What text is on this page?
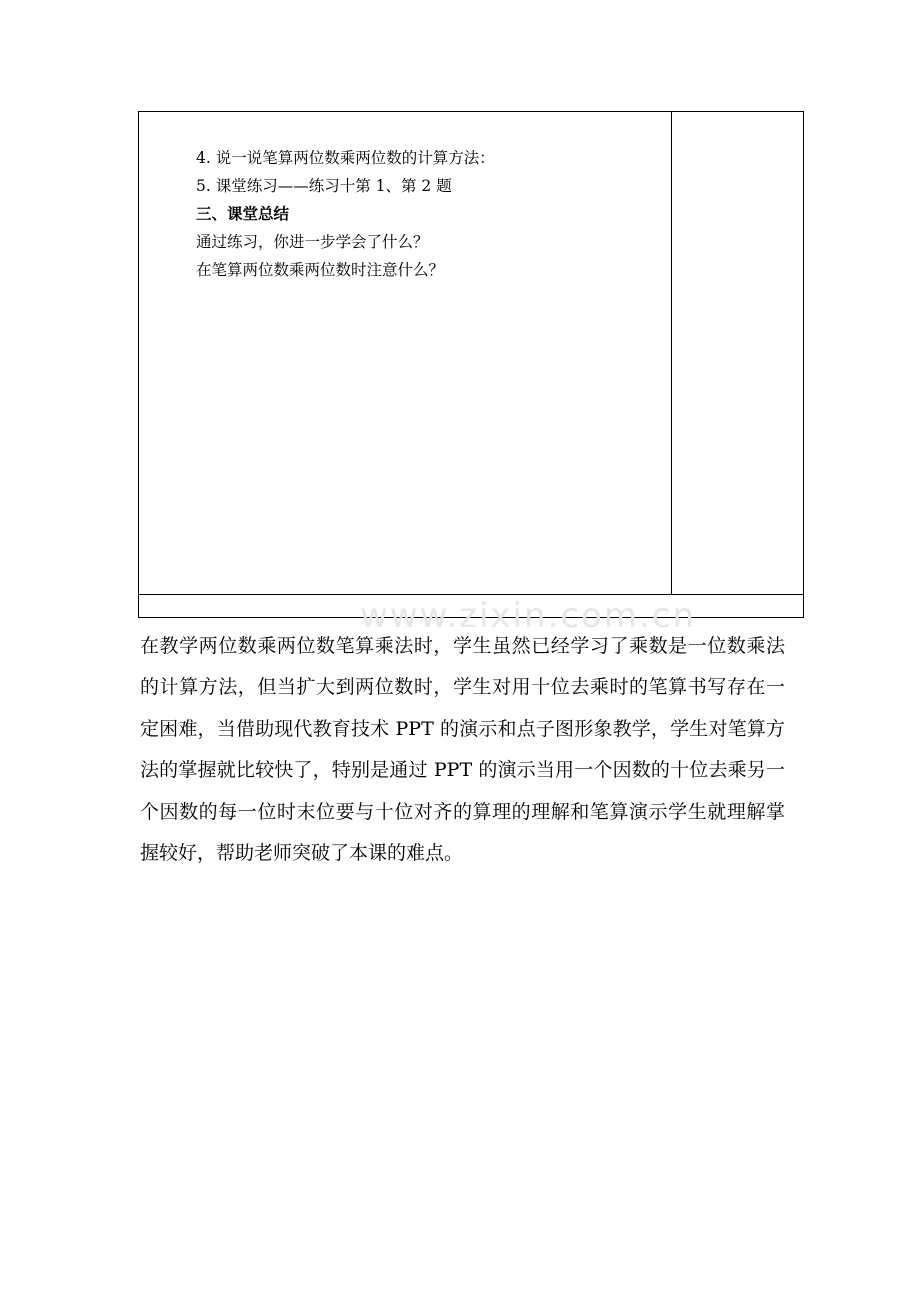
4. 说一说笔算两位数乘两位数的计算方法：
5. 课堂练习——练习十第 1、第 2 题
三、课堂总结
通过练习，你进一步学会了什么？
在笔算两位数乘两位数时注意什么？
www.zixin.com.cn
在教学两位数乘两位数笔算乘法时，学生虽然已经学习了乘数是一位数乘法的计算方法，但当扩大到两位数时，学生对用十位去乘时的笔算书写存在一定困难，当借助现代教育技术 PPT 的演示和点子图形象教学，学生对笔算方法的掌握就比较快了，特别是通过 PPT 的演示当用一个因数的十位去乘另一个因数的每一位时末位要与十位对齐的算理的理解和笔算演示学生就理解掌握较好，帮助老师突破了本课的难点。
